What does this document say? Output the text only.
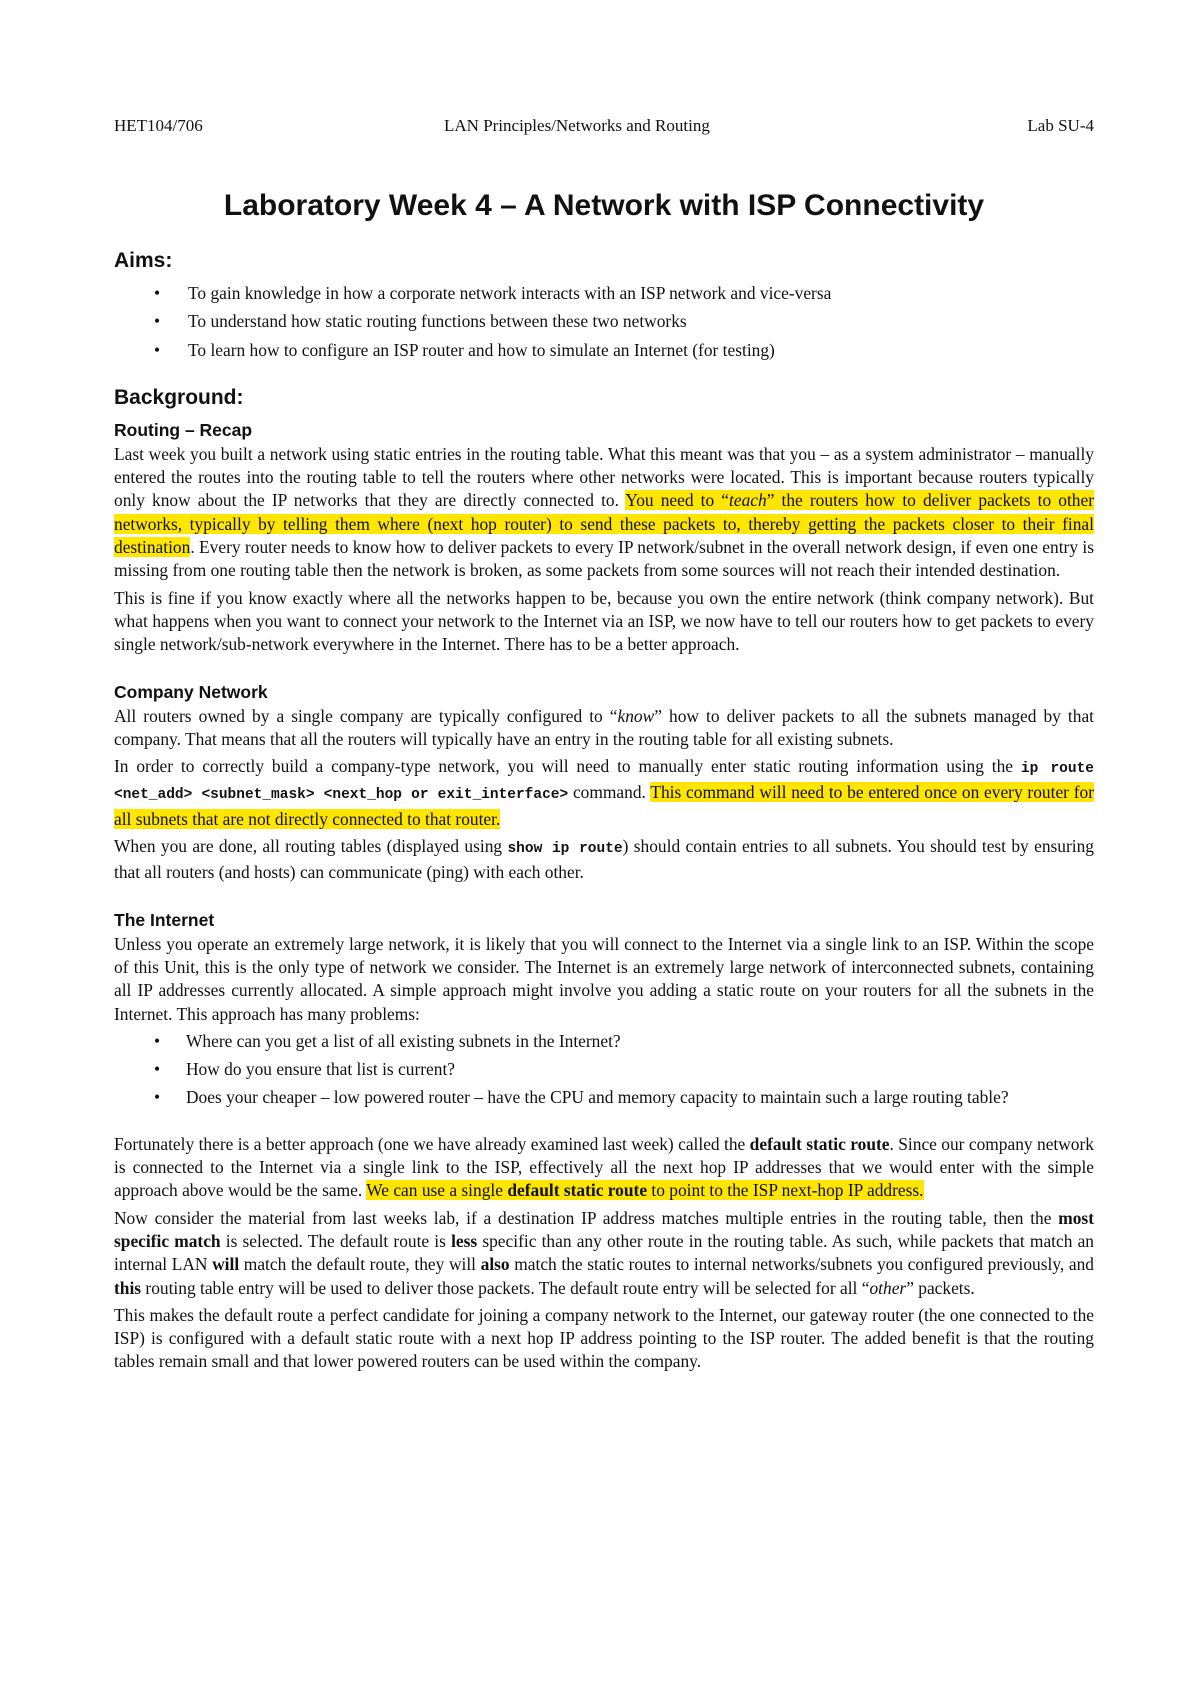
HET104/706	LAN Principles/Networks and Routing	Lab SU-4
Laboratory Week 4 – A Network with ISP Connectivity
Aims:
• To gain knowledge in how a corporate network interacts with an ISP network and vice-versa
• To understand how static routing functions between these two networks
• To learn how to configure an ISP router and how to simulate an Internet (for testing)
Background:
Routing – Recap

Last week you built a network using static entries in the routing table. What this meant was that you – as a system administrator – manually entered the routes into the routing table to tell the routers where other networks were located. This is important because routers typically only know about the IP networks that they are directly connected to. You need to “teach” the routers how to deliver packets to other networks, typically by telling them where (next hop router) to send these packets to, thereby getting the packets closer to their final destination. Every router needs to know how to deliver packets to every IP network/subnet in the overall network design, if even one entry is missing from one routing table then the network is broken, as some packets from some sources will not reach their intended destination.

This is fine if you know exactly where all the networks happen to be, because you own the entire network (think company network). But what happens when you want to connect your network to the Internet via an ISP, we now have to tell our routers how to get packets to every single network/sub-network everywhere in the Internet. There has to be a better approach.

Company Network

All routers owned by a single company are typically configured to “know” how to deliver packets to all the subnets managed by that company. That means that all the routers will typically have an entry in the routing table for all existing subnets.

In order to correctly build a company-type network, you will need to manually enter static routing information using the ip route <net_add> <subnet_mask> <next_hop or exit_interface> command. This command will need to be entered once on every router for all subnets that are not directly connected to that router.

When you are done, all routing tables (displayed using show ip route) should contain entries to all subnets. You should test by ensuring that all routers (and hosts) can communicate (ping) with each other.

The Internet

Unless you operate an extremely large network, it is likely that you will connect to the Internet via a single link to an ISP. Within the scope of this Unit, this is the only type of network we consider. The Internet is an extremely large network of interconnected subnets, containing all IP addresses currently allocated. A simple approach might involve you adding a static route on your routers for all the subnets in the Internet. This approach has many problems:

• Where can you get a list of all existing subnets in the Internet?
• How do you ensure that list is current?
• Does your cheaper – low powered router – have the CPU and memory capacity to maintain such a large routing table?

Fortunately there is a better approach (one we have already examined last week) called the default static route. Since our company network is connected to the Internet via a single link to the ISP, effectively all the next hop IP addresses that we would enter with the simple approach above would be the same. We can use a single default static route to point to the ISP next-hop IP address.

Now consider the material from last weeks lab, if a destination IP address matches multiple entries in the routing table, then the most specific match is selected. The default route is less specific than any other route in the routing table. As such, while packets that match an internal LAN will match the default route, they will also match the static routes to internal networks/subnets you configured previously, and this routing table entry will be used to deliver those packets. The default route entry will be selected for all “other” packets.

This makes the default route a perfect candidate for joining a company network to the Internet, our gateway router (the one connected to the ISP) is configured with a default static route with a next hop IP address pointing to the ISP router. The added benefit is that the routing tables remain small and that lower powered routers can be used within the company.
